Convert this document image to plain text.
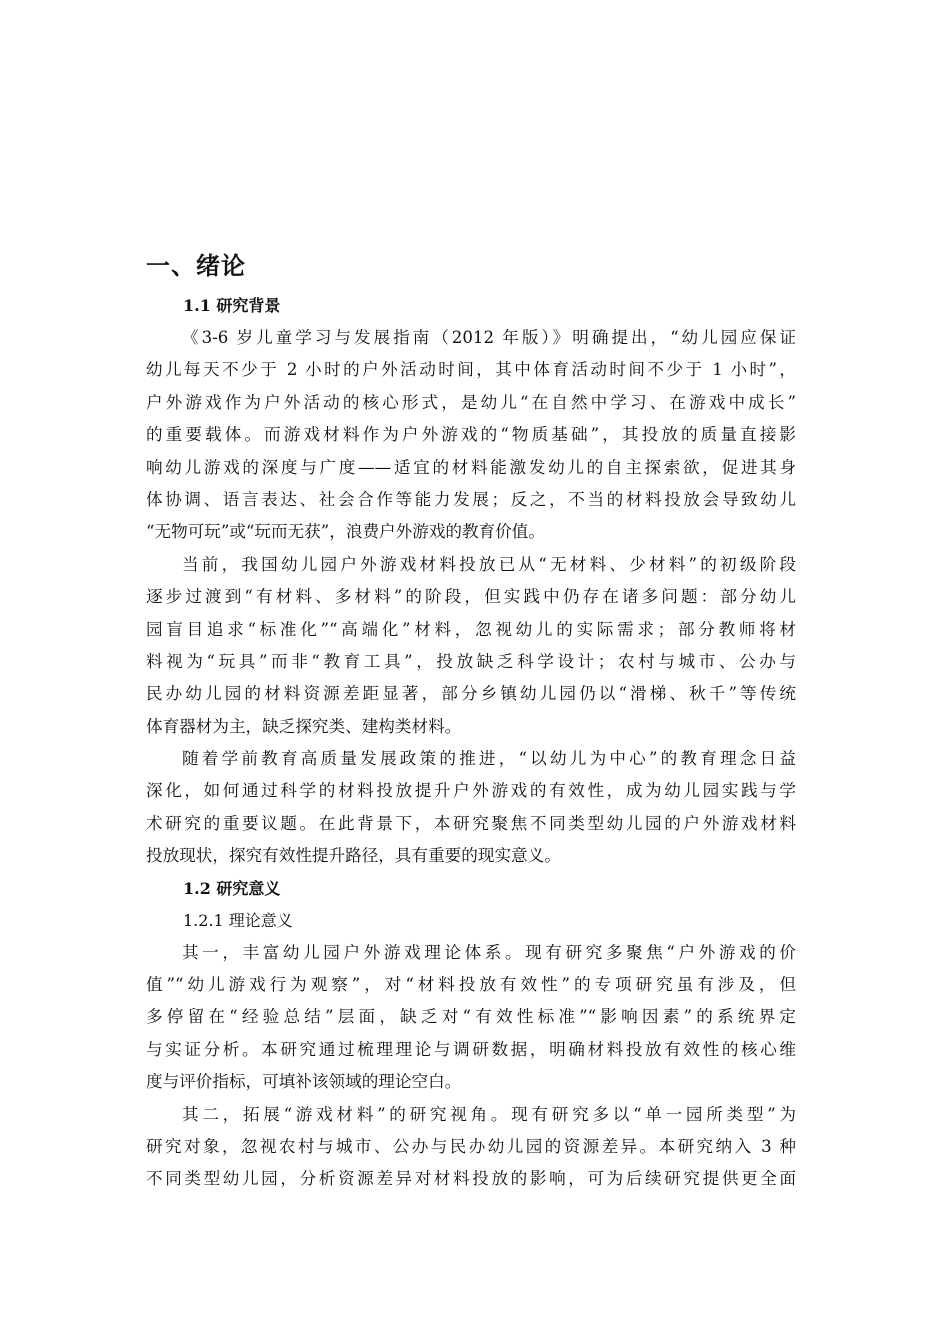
一、绪论
1.1 研究背景
《3-6 岁儿童学习与发展指南（2012 年版）》明确提出，“幼儿园应保证
幼儿每天不少于 2 小时的户外活动时间，其中体育活动时间不少于 1 小时”，
户外游戏作为户外活动的核心形式，是幼儿“在自然中学习、在游戏中成长”
的重要载体。而游戏材料作为户外游戏的“物质基础”，其投放的质量直接影
响幼儿游戏的深度与广度——适宜的材料能激发幼儿的自主探索欲，促进其身
体协调、语言表达、社会合作等能力发展；反之，不当的材料投放会导致幼儿
“无物可玩”或“玩而无获”，浪费户外游戏的教育价值。
当前，我国幼儿园户外游戏材料投放已从“无材料、少材料”的初级阶段
逐步过渡到“有材料、多材料”的阶段，但实践中仍存在诸多问题：部分幼儿
园盲目追求“标准化”“高端化”材料，忽视幼儿的实际需求；部分教师将材
料视为“玩具”而非“教育工具”，投放缺乏科学设计；农村与城市、公办与
民办幼儿园的材料资源差距显著，部分乡镇幼儿园仍以“滑梯、秋千”等传统
体育器材为主，缺乏探究类、建构类材料。
随着学前教育高质量发展政策的推进，“以幼儿为中心”的教育理念日益
深化，如何通过科学的材料投放提升户外游戏的有效性，成为幼儿园实践与学
术研究的重要议题。在此背景下，本研究聚焦不同类型幼儿园的户外游戏材料
投放现状，探究有效性提升路径，具有重要的现实意义。
1.2 研究意义
1.2.1 理论意义
其一，丰富幼儿园户外游戏理论体系。现有研究多聚焦“户外游戏的价
值”“幼儿游戏行为观察”，对“材料投放有效性”的专项研究虽有涉及，但
多停留在“经验总结”层面，缺乏对“有效性标准”“影响因素”的系统界定
与实证分析。本研究通过梳理理论与调研数据，明确材料投放有效性的核心维
度与评价指标，可填补该领域的理论空白。
其二，拓展“游戏材料”的研究视角。现有研究多以“单一园所类型”为
研究对象，忽视农村与城市、公办与民办幼儿园的资源差异。本研究纳入 3 种
不同类型幼儿园，分析资源差异对材料投放的影响，可为后续研究提供更全面
